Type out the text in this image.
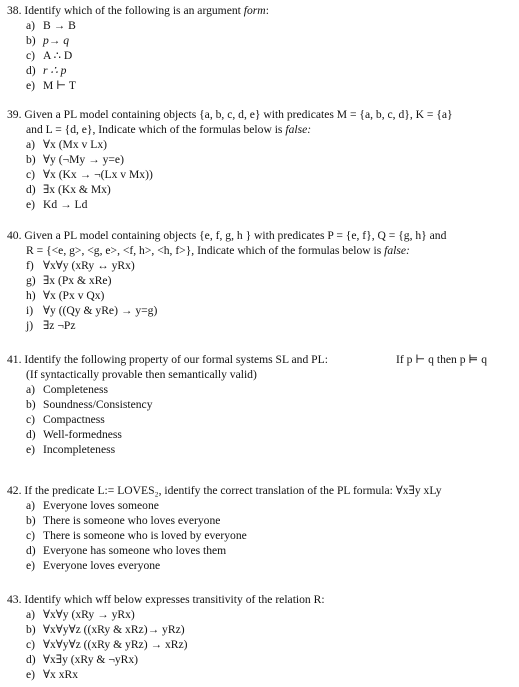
38. Identify which of the following is an argument form:
a) B → B
b) p→ q
c) A ∴ D
d) r ∴ p
e) M ⊢ T
39. Given a PL model containing objects {a, b, c, d, e} with predicates M = {a, b, c, d}, K = {a}
and L = {d, e}, Indicate which of the formulas below is false:
a) ∀x (Mx v Lx)
b) ∀y (¬My → y=e)
c) ∀x (Kx → ¬(Lx v Mx))
d) ∃x (Kx & Mx)
e) Kd → Ld
40. Given a PL model containing objects {e, f, g, h } with predicates P = {e, f}, Q = {g, h} and
R = {<e, g>, <g, e>, <f, h>, <h, f>}, Indicate which of the formulas below is false:
f) ∀x∀y (xRy ↔ yRx)
g) ∃x (Px & xRe)
h) ∀x (Px v Qx)
i) ∀y ((Qy & yRe) → y=g)
j) ∃z ¬Pz
41. Identify the following property of our formal systems SL and PL:	If p ⊢ q then p ⊨ q
(If syntactically provable then semantically valid)
a) Completeness
b) Soundness/Consistency
c) Compactness
d) Well-formedness
e) Incompleteness
42. If the predicate L:= LOVES₂, identify the correct translation of the PL formula: ∀x∃y xLy
a) Everyone loves someone
b) There is someone who loves everyone
c) There is someone who is loved by everyone
d) Everyone has someone who loves them
e) Everyone loves everyone
43. Identify which wff below expresses transitivity of the relation R:
a) ∀x∀y (xRy → yRx)
b) ∀x∀y∀z ((xRy & xRz)→ yRz)
c) ∀x∀y∀z ((xRy & yRz) → xRz)
d) ∀x∃y (xRy & ¬yRx)
e) ∀x xRx
